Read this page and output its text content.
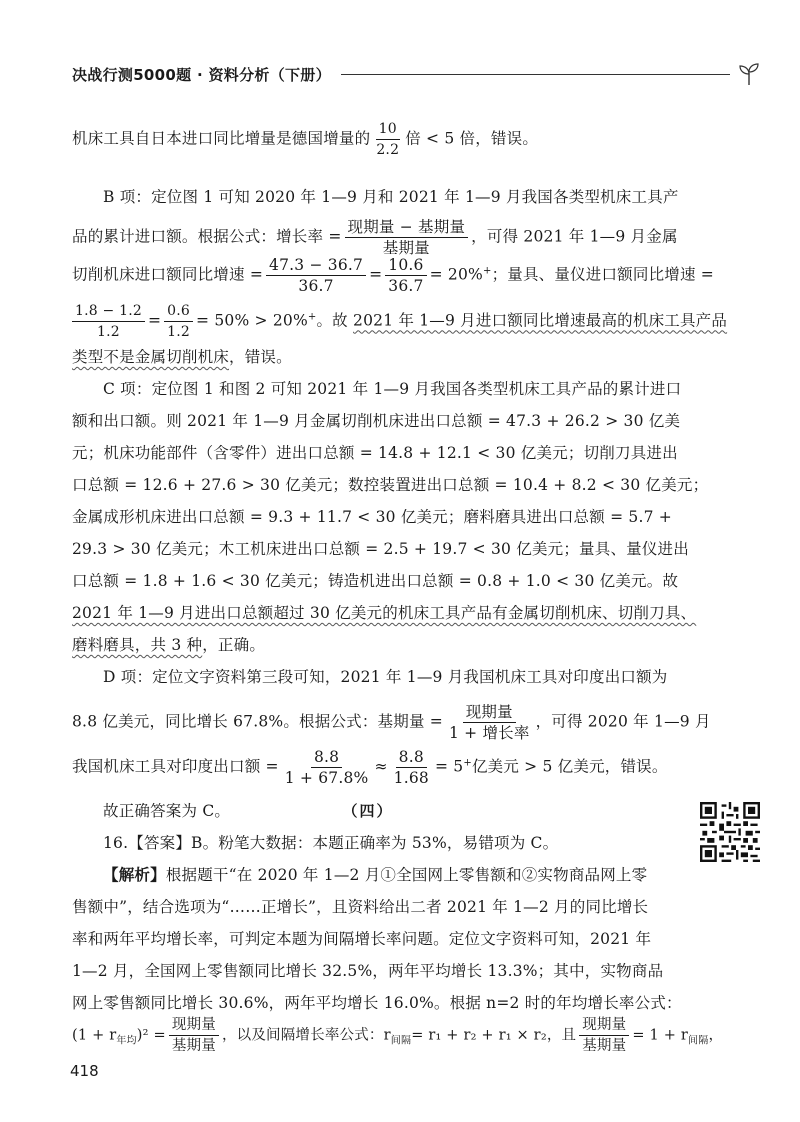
决战行测5000题 · 资料分析（下册）
机床工具自日本进口同比增量是德国增量的 $\frac{10}{2.2}$ 倍 < 5 倍，错误。
B 项：定位图 1 可知 2020 年 1—9 月和 2021 年 1—9 月我国各类型机床工具产
品的累计进口额。根据公式：增长率 = $\frac{\text{现期量 − 基期量}}{\text{基期量}}$ ，可得 2021 年 1—9 月金属
切削机床进口额同比增速 = $\frac{47.3 - 36.7}{36.7} = \frac{10.6}{36.7} = 20\%^+$；量具、量仪进口额同比增速 =
$\frac{1.8 - 1.2}{1.2} = \frac{0.6}{1.2} = 50\% > 20\%^+$。故 2021 年 1—9 月进口额同比增速最高的机床工具产品
类型不是金属切削机床，错误。
C 项：定位图 1 和图 2 可知 2021 年 1—9 月我国各类型机床工具产品的累计进口
额和出口额。则 2021 年 1—9 月金属切削机床进出口总额 = 47.3 + 26.2 > 30 亿美
元；机床功能部件（含零件）进出口总额 = 14.8 + 12.1 < 30 亿美元；切削刀具进出
口总额 = 12.6 + 27.6 > 30 亿美元；数控装置进出口总额 = 10.4 + 8.2 < 30 亿美元；
金属成形机床进出口总额 = 9.3 + 11.7 < 30 亿美元；磨料磨具进出口总额 = 5.7 +
29.3 > 30 亿美元；木工机床进出口总额 = 2.5 + 19.7 < 30 亿美元；量具、量仪进出
口总额 = 1.8 + 1.6 < 30 亿美元；铸造机进出口总额 = 0.8 + 1.0 < 30 亿美元。故
2021 年 1—9 月进出口总额超过 30 亿美元的机床工具产品有金属切削机床、切削刀具、
磨料磨具，共 3 种，正确。
D 项：定位文字资料第三段可知，2021 年 1—9 月我国机床工具对印度出口额为
8.8 亿美元，同比增长 67.8%。根据公式：基期量 = $\frac{\text{现期量}}{\text{1 + 增长率}}$ ，可得 2020 年 1—9 月
我国机床工具对印度出口额 = $\frac{8.8}{1 + 67.8\%} \approx \frac{8.8}{1.68} = 5^+$亿美元 > 5 亿美元，错误。
故正确答案为 C。	（四）
16.【答案】B。粉笔大数据：本题正确率为 53%，易错项为 C。
【解析】根据题干“在 2020 年 1—2 月①全国网上零售额和②实物商品网上零
售额中”，结合选项为“……正增长”，且资料给出二者 2021 年 1—2 月的同比增长
率和两年平均增长率，可判定本题为间隔增长率问题。定位文字资料可知，2021 年
1—2 月，全国网上零售额同比增长 32.5%，两年平均增长 13.3%；其中，实物商品
网上零售额同比增长 30.6%，两年平均增长 16.0%。根据 n=2 时的年均增长率公式：
418
$(1 + r_{年均})^2 = \frac{\text{现期量}}{\text{基期量}}$ ，以及间隔增长率公式：$r_{间隔}= r_1 + r_2 + r_1 \times r_2$，且 $\frac{\text{现期量}}{\text{基期量}} = 1 + r_{间隔}$，
